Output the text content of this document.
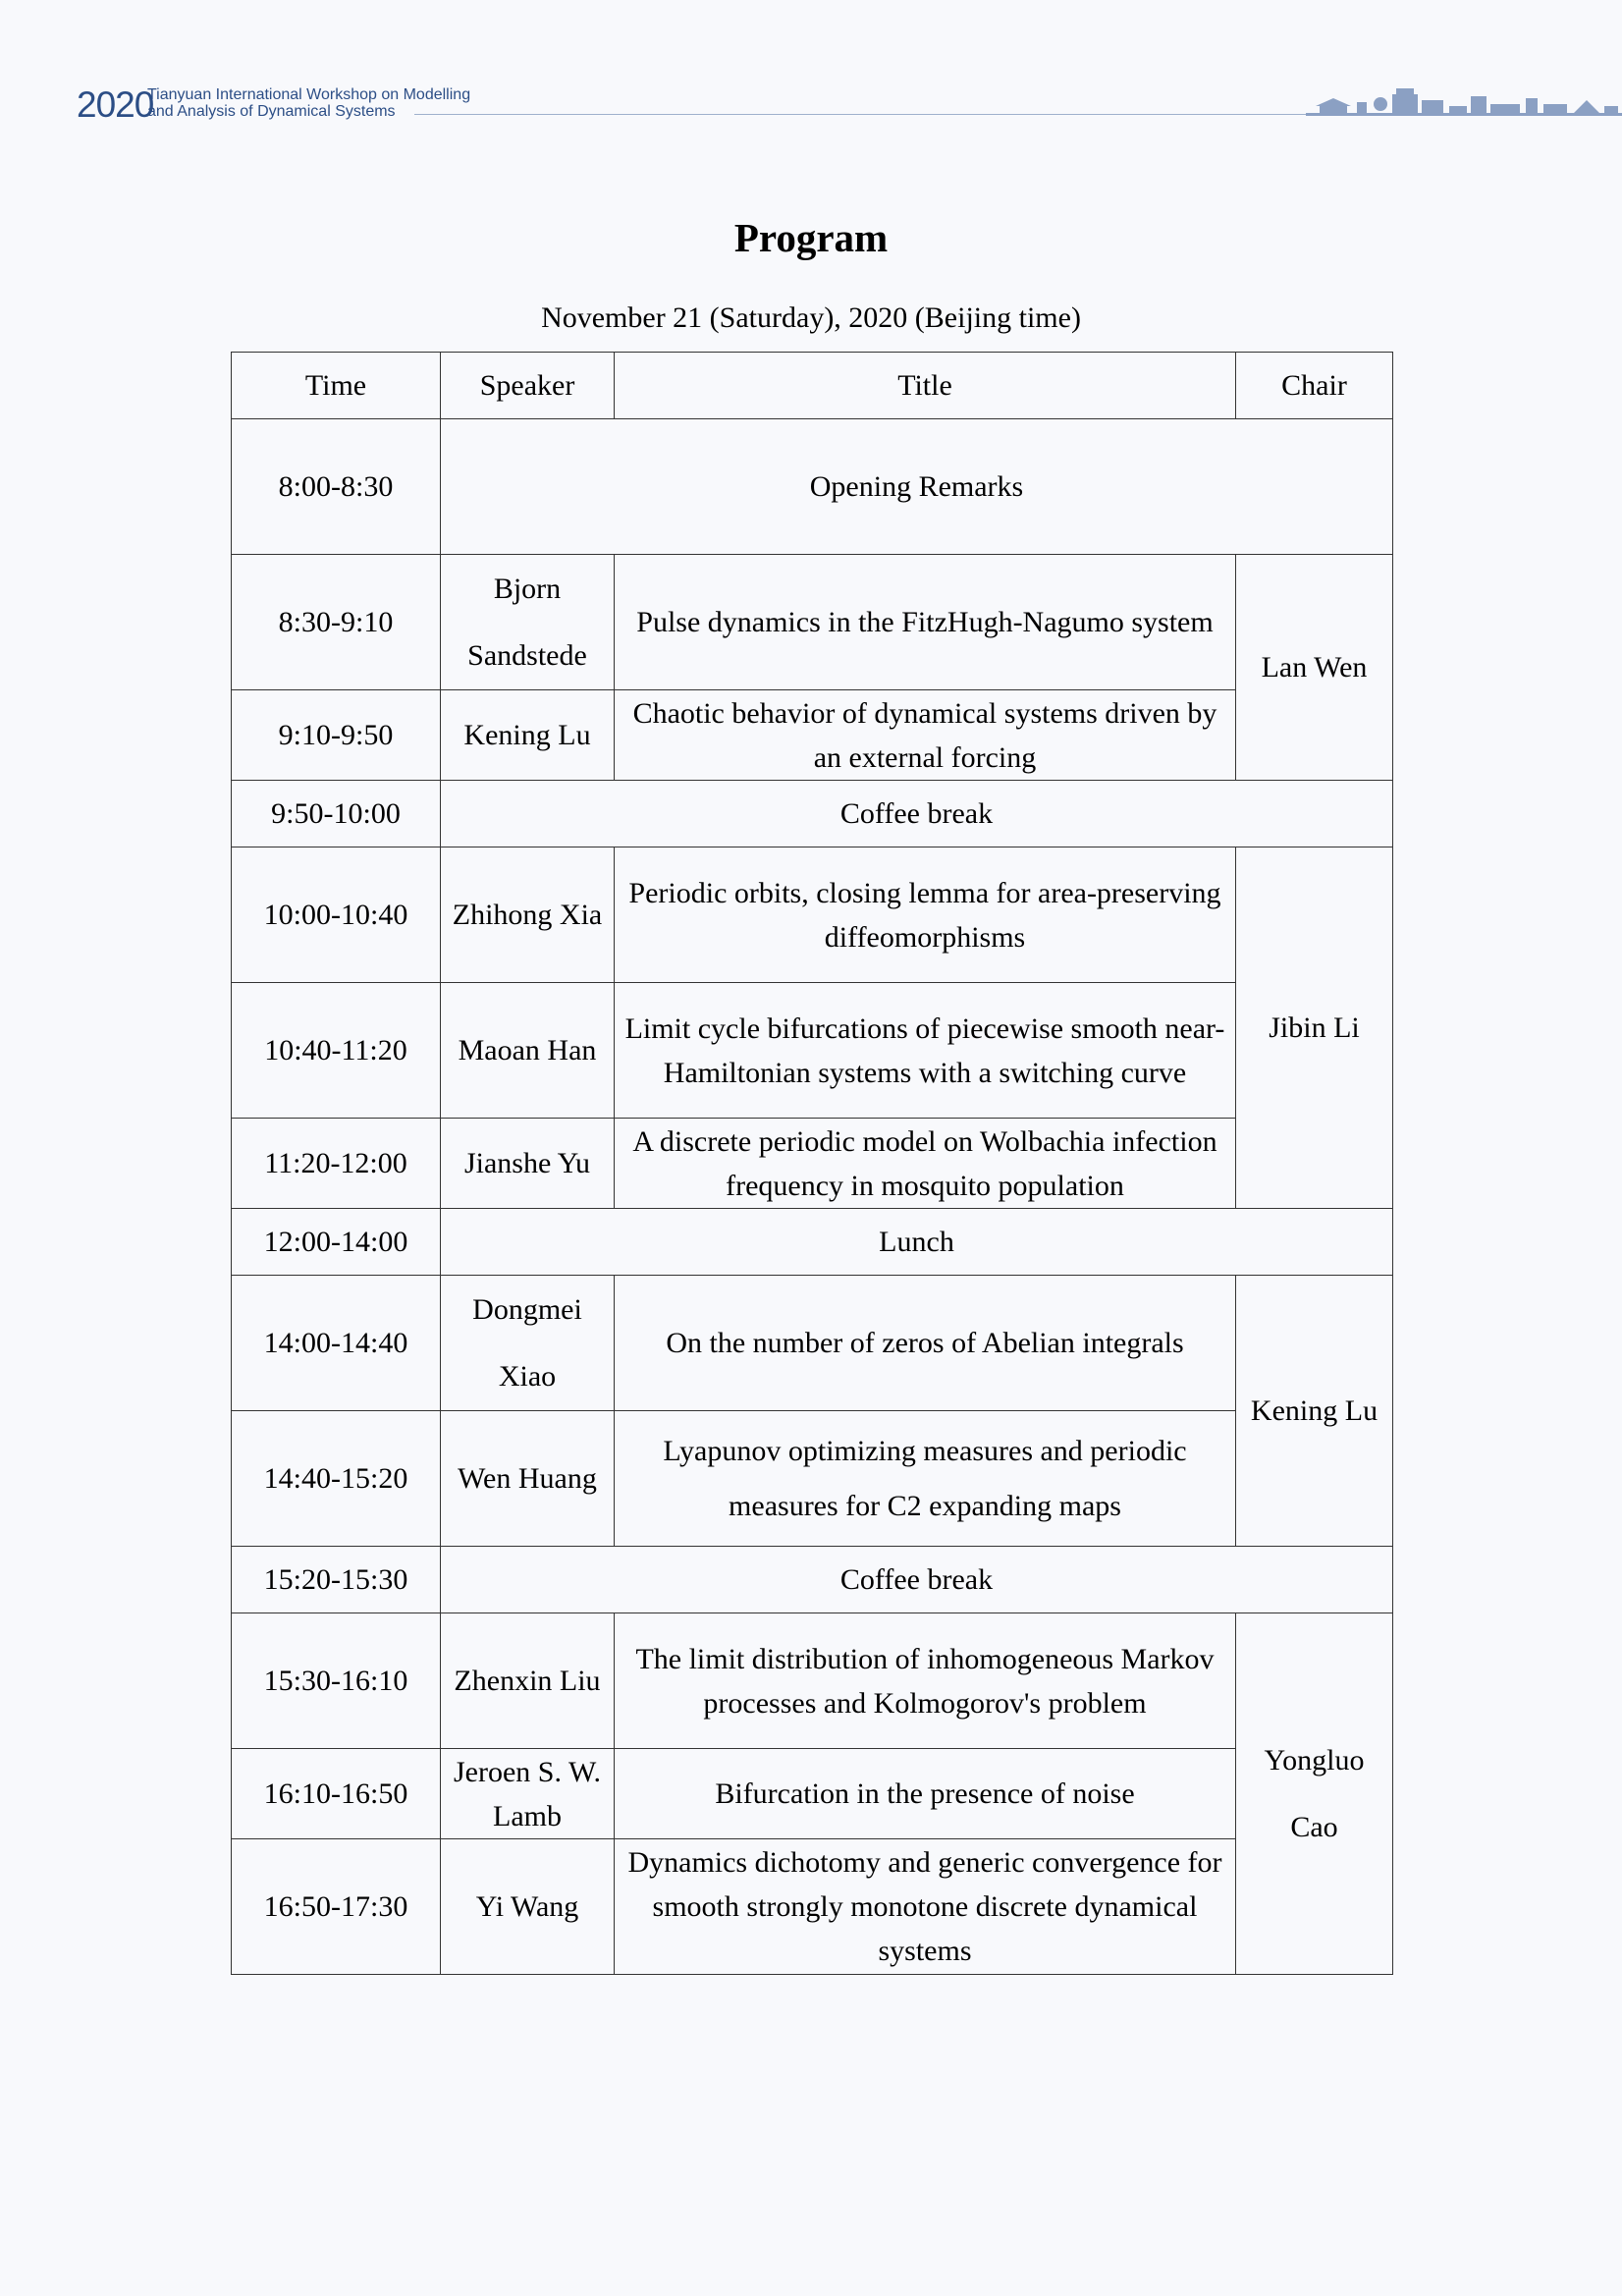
2020
Tianyuan International Workshop on Modelling
and Analysis of Dynamical Systems
Program
November 21 (Saturday), 2020 (Beijing time)
Time	Speaker	Title	Chair
8:00-8:30	Opening Remarks		
8:30-9:10	Bjorn Sandstede	Pulse dynamics in the FitzHugh-Nagumo system	Lan Wen
9:10-9:50	Kening Lu	Chaotic behavior of dynamical systems driven by an external forcing	
9:50-10:00	Coffee break		
10:00-10:40	Zhihong Xia	Periodic orbits, closing lemma for area-preserving diffeomorphisms	Jibin Li
10:40-11:20	Maoan Han	Limit cycle bifurcations of piecewise smooth near-Hamiltonian systems with a switching curve	
11:20-12:00	Jianshe Yu	A discrete periodic model on Wolbachia infection frequency in mosquito population	
12:00-14:00	Lunch		
14:00-14:40	Dongmei Xiao	On the number of zeros of Abelian integrals	Kening Lu
14:40-15:20	Wen Huang	Lyapunov optimizing measures and periodic measures for C2 expanding maps	
15:20-15:30	Coffee break		
15:30-16:10	Zhenxin Liu	The limit distribution of inhomogeneous Markov processes and Kolmogorov's problem	Yongluo Cao
16:10-16:50	Jeroen S. W. Lamb	Bifurcation in the presence of noise	
16:50-17:30	Yi Wang	Dynamics dichotomy and generic convergence for smooth strongly monotone discrete dynamical systems	
